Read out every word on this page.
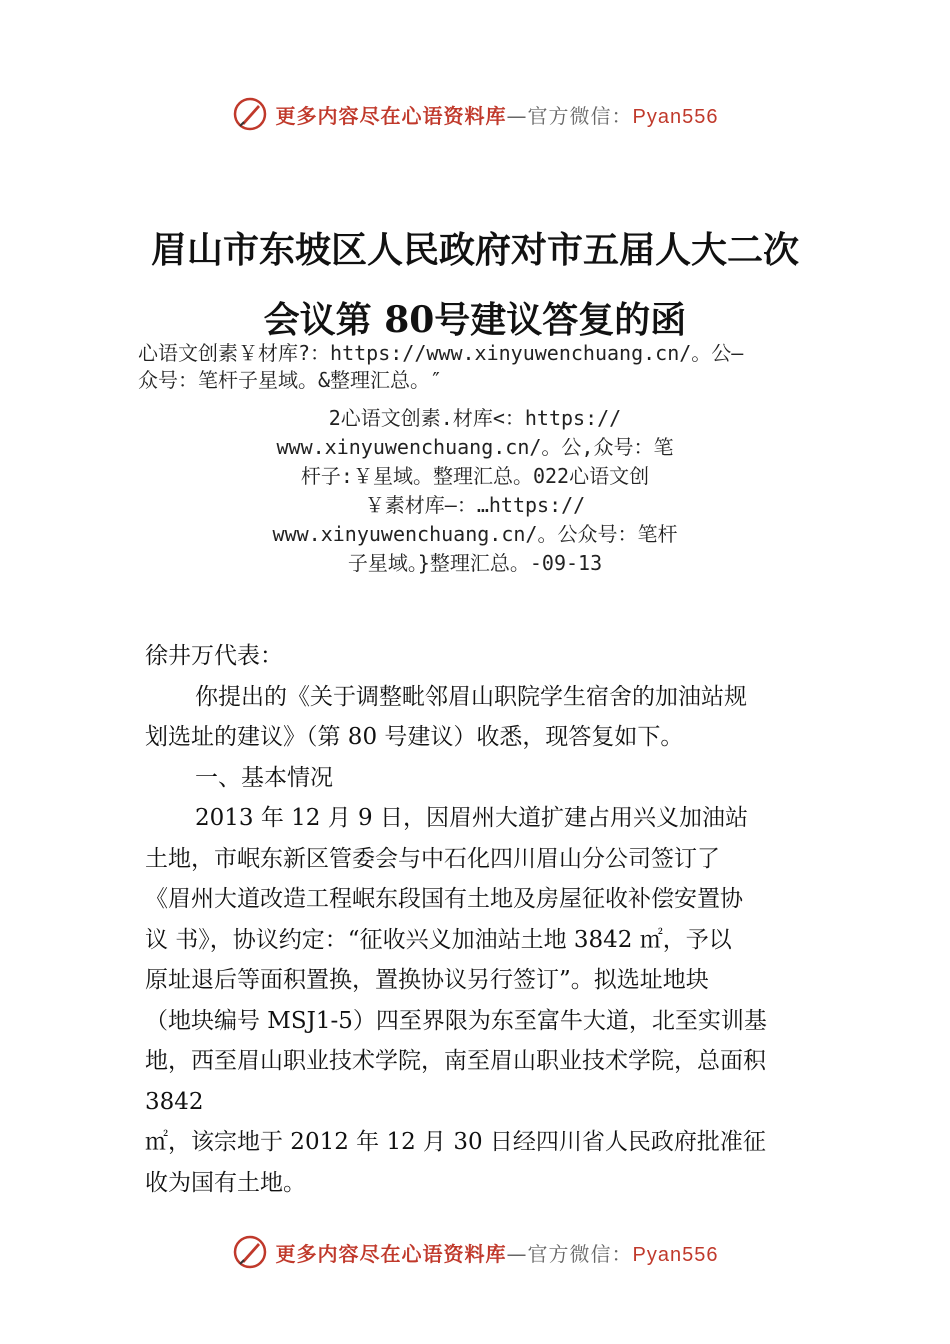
更多内容尽在心语资料库—官方微信：Pyan556
眉山市东坡区人民政府对市五届人大二次
会议第 80号建议答复的函
心语文创素￥材库?：https://www.xinyuwenchuang.cn/。公—
众号：笔杆子星域。&整理汇总。″
2心语文创素.材库<：https://
www.xinyuwenchuang.cn/。公,众号：笔
杆子:￥星域。整理汇总。022心语文创
￥素材库—：…https://
www.xinyuwenchuang.cn/。公众号：笔杆
子星域。}整理汇总。-09-13

徐井万代表：

你提出的《关于调整毗邻眉山职院学生宿舍的加油站规

划选址的建议》（第 80 号建议）收悉，现答复如下。

一、基本情况

2013 年 12 月 9 日，因眉州大道扩建占用兴义加油站

土地，市岷东新区管委会与中石化四川眉山分公司签订了

《眉州大道改造工程岷东段国有土地及房屋征收补偿安置协

议 书》，协议约定：“征收兴义加油站土地 3842 ㎡，予以

原址退后等面积置换，置换协议另行签订”。拟选址地块

（地块编号 MSJ1-5）四至界限为东至富牛大道，北至实训基

地，西至眉山职业技术学院，南至眉山职业技术学院，总面积

3842

㎡，该宗地于 2012 年 12 月 30 日经四川省人民政府批准征

收为国有土地。

更多内容尽在心语资料库—官方微信：Pyan556
